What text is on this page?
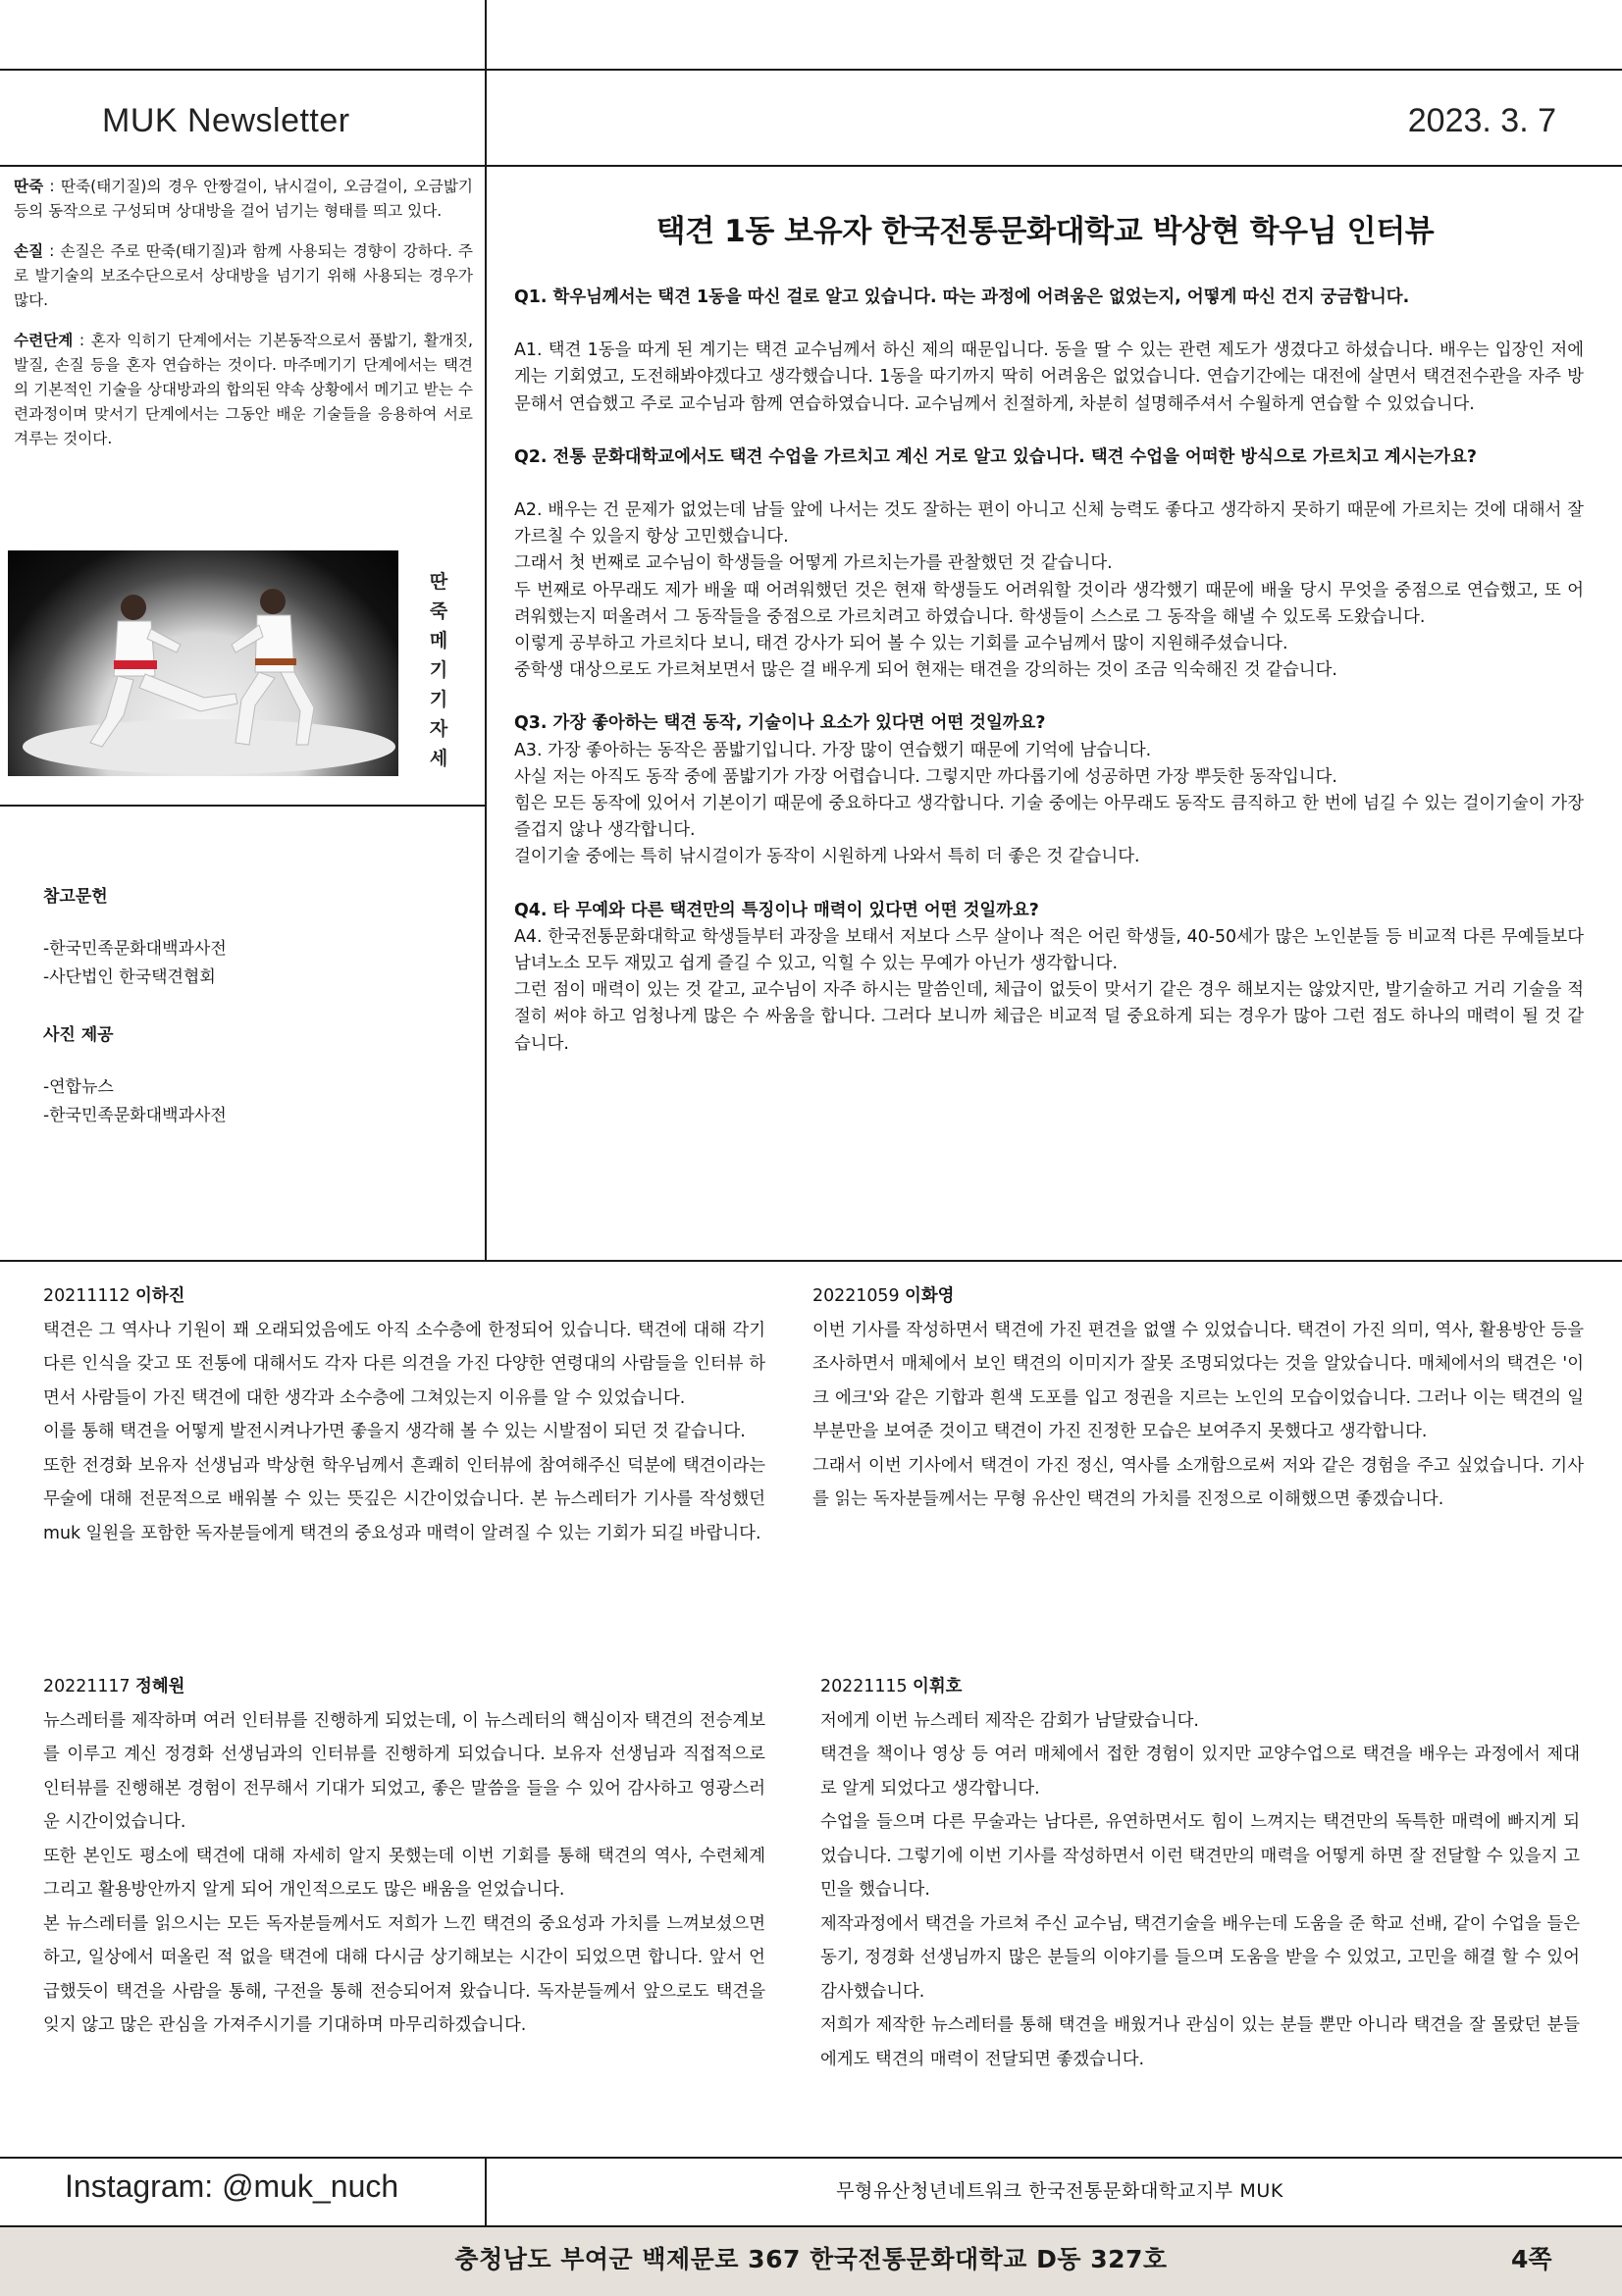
MUK Newsletter	2023. 3. 7
딴죽 : 딴죽(태기질)의 경우 안짱걸이, 낚시걸이, 오금걸이, 오금밟기 등의 동작으로 구성되며 상대방을 걸어 넘기는 형태를 띄고 있다.
손질 : 손질은 주로 딴죽(태기질)과 함께 사용되는 경향이 강하다. 주로 발기술의 보조수단으로서 상대방을 넘기기 위해 사용되는 경우가 많다.
수련단계 : 혼자 익히기 단계에서는 기본동작으로서 품밟기, 활개짓, 발질, 손질 등을 혼자 연습하는 것이다. 마주메기기 단계에서는 택견의 기본적인 기술을 상대방과의 합의된 약속 상황에서 메기고 받는 수련과정이며 맞서기 단계에서는 그동안 배운 기술들을 응용하여 서로 겨루는 것이다.
딴
죽
메
기
기
자
세
참고문헌
-한국민족문화대백과사전
-사단법인 한국택견협회
사진 제공
-연합뉴스
-한국민족문화대백과사전
택견 1동 보유자 한국전통문화대학교 박상현 학우님 인터뷰
Q1. 학우님께서는 택견 1동을 따신 걸로 알고 있습니다. 따는 과정에 어려움은 없었는지, 어떻게 따신 건지 궁금합니다.
A1. 택견 1동을 따게 된 계기는 택견 교수님께서 하신 제의 때문입니다. 동을 딸 수 있는 관련 제도가 생겼다고 하셨습니다. 배우는 입장인 저에게는 기회였고, 도전해봐야겠다고 생각했습니다. 1동을 따기까지 딱히 어려움은 없었습니다. 연습기간에는 대전에 살면서 택견전수관을 자주 방문해서 연습했고 주로 교수님과 함께 연습하였습니다. 교수님께서 친절하게, 차분히 설명해주셔서 수월하게 연습할 수 있었습니다.
Q2. 전통 문화대학교에서도 택견 수업을 가르치고 계신 거로 알고 있습니다. 택견 수업을 어떠한 방식으로 가르치고 계시는가요?
A2. 배우는 건 문제가 없었는데 남들 앞에 나서는 것도 잘하는 편이 아니고 신체 능력도 좋다고 생각하지 못하기 때문에 가르치는 것에 대해서 잘 가르칠 수 있을지 항상 고민했습니다.
그래서 첫 번째로 교수님이 학생들을 어떻게 가르치는가를 관찰했던 것 같습니다.
두 번째로 아무래도 제가 배울 때 어려워했던 것은 현재 학생들도 어려워할 것이라 생각했기 때문에 배울 당시 무엇을 중점으로 연습했고, 또 어려워했는지 떠올려서 그 동작들을 중점으로 가르치려고 하였습니다. 학생들이 스스로 그 동작을 해낼 수 있도록 도왔습니다.
이렇게 공부하고 가르치다 보니, 태견 강사가 되어 볼 수 있는 기회를 교수님께서 많이 지원해주셨습니다.
중학생 대상으로도 가르쳐보면서 많은 걸 배우게 되어 현재는 태견을 강의하는 것이 조금 익숙해진 것 같습니다.
Q3. 가장 좋아하는 택견 동작, 기술이나 요소가 있다면 어떤 것일까요?
A3. 가장 좋아하는 동작은 품밟기입니다. 가장 많이 연습했기 때문에 기억에 남습니다.
사실 저는 아직도 동작 중에 품밟기가 가장 어렵습니다. 그렇지만 까다롭기에 성공하면 가장 뿌듯한 동작입니다.
힘은 모든 동작에 있어서 기본이기 때문에 중요하다고 생각합니다. 기술 중에는 아무래도 동작도 큼직하고 한 번에 넘길 수 있는 걸이기술이 가장 즐겁지 않나 생각합니다.
걸이기술 중에는 특히 낚시걸이가 동작이 시원하게 나와서 특히 더 좋은 것 같습니다.
Q4. 타 무예와 다른 택견만의 특징이나 매력이 있다면 어떤 것일까요?
A4. 한국전통문화대학교 학생들부터 과장을 보태서 저보다 스무 살이나 적은 어린 학생들, 40-50세가 많은 노인분들 등 비교적 다른 무예들보다 남녀노소 모두 재밌고 쉽게 즐길 수 있고, 익힐 수 있는 무예가 아닌가 생각합니다.
그런 점이 매력이 있는 것 같고, 교수님이 자주 하시는 말씀인데, 체급이 없듯이 맞서기 같은 경우 해보지는 않았지만, 발기술하고 거리 기술을 적절히 써야 하고 엄청나게 많은 수 싸움을 합니다. 그러다 보니까 체급은 비교적 덜 중요하게 되는 경우가 많아 그런 점도 하나의 매력이 될 것 같습니다.
20211112 이하진
택견은 그 역사나 기원이 꽤 오래되었음에도 아직 소수층에 한정되어 있습니다. 택견에 대해 각기 다른 인식을 갖고 또 전통에 대해서도 각자 다른 의견을 가진 다양한 연령대의 사람들을 인터뷰 하면서 사람들이 가진 택견에 대한 생각과 소수층에 그쳐있는지 이유를 알 수 있었습니다.
이를 통해 택견을 어떻게 발전시켜나가면 좋을지 생각해 볼 수 있는 시발점이 되던 것 같습니다.
또한 전경화 보유자 선생님과 박상현 학우님께서 흔쾌히 인터뷰에 참여해주신 덕분에 택견이라는 무술에 대해 전문적으로 배워볼 수 있는 뜻깊은 시간이었습니다. 본 뉴스레터가 기사를 작성했던 muk 일원을 포함한 독자분들에게 택견의 중요성과 매력이 알려질 수 있는 기회가 되길 바랍니다.
20221059 이화영
이번 기사를 작성하면서 택견에 가진 편견을 없앨 수 있었습니다. 택견이 가진 의미, 역사, 활용방안 등을 조사하면서 매체에서 보인 택견의 이미지가 잘못 조명되었다는 것을 알았습니다. 매체에서의 택견은 '이크 에크'와 같은 기합과 흰색 도포를 입고 정권을 지르는 노인의 모습이었습니다. 그러나 이는 택견의 일부분만을 보여준 것이고 택견이 가진 진정한 모습은 보여주지 못했다고 생각합니다.
그래서 이번 기사에서 택견이 가진 정신, 역사를 소개함으로써 저와 같은 경험을 주고 싶었습니다. 기사를 읽는 독자분들께서는 무형 유산인 택견의 가치를 진정으로 이해했으면 좋겠습니다.
20221117 정혜원
뉴스레터를 제작하며 여러 인터뷰를 진행하게 되었는데, 이 뉴스레터의 핵심이자 택견의 전승계보를 이루고 계신 정경화 선생님과의 인터뷰를 진행하게 되었습니다. 보유자 선생님과 직접적으로 인터뷰를 진행해본 경험이 전무해서 기대가 되었고, 좋은 말씀을 들을 수 있어 감사하고 영광스러운 시간이었습니다.
또한 본인도 평소에 택견에 대해 자세히 알지 못했는데 이번 기회를 통해 택견의 역사, 수련체계 그리고 활용방안까지 알게 되어 개인적으로도 많은 배움을 얻었습니다.
본 뉴스레터를 읽으시는 모든 독자분들께서도 저희가 느낀 택견의 중요성과 가치를 느껴보셨으면 하고, 일상에서 떠올린 적 없을 택견에 대해 다시금 상기해보는 시간이 되었으면 합니다. 앞서 언급했듯이 택견을 사람을 통해, 구전을 통해 전승되어져 왔습니다. 독자분들께서 앞으로도 택견을 잊지 않고 많은 관심을 가져주시기를 기대하며 마무리하겠습니다.
20221115 이휘호
저에게 이번 뉴스레터 제작은 감회가 남달랐습니다.
택견을 책이나 영상 등 여러 매체에서 접한 경험이 있지만 교양수업으로 택견을 배우는 과정에서 제대로 알게 되었다고 생각합니다.
수업을 들으며 다른 무술과는 남다른, 유연하면서도 힘이 느껴지는 택견만의 독특한 매력에 빠지게 되었습니다. 그렇기에 이번 기사를 작성하면서 이런 택견만의 매력을 어떻게 하면 잘 전달할 수 있을지 고민을 했습니다.
제작과정에서 택견을 가르쳐 주신 교수님, 택견기술을 배우는데 도움을 준 학교 선배, 같이 수업을 들은 동기, 정경화 선생님까지 많은 분들의 이야기를 들으며 도움을 받을 수 있었고, 고민을 해결 할 수 있어 감사했습니다.
저희가 제작한 뉴스레터를 통해 택견을 배웠거나 관심이 있는 분들 뿐만 아니라 택견을 잘 몰랐던 분들에게도 택견의 매력이 전달되면 좋겠습니다.
Instagram: @muk_nuch	무형유산청년네트워크 한국전통문화대학교지부 MUK
충청남도 부여군 백제문로 367 한국전통문화대학교 D동 327호	4쪽
